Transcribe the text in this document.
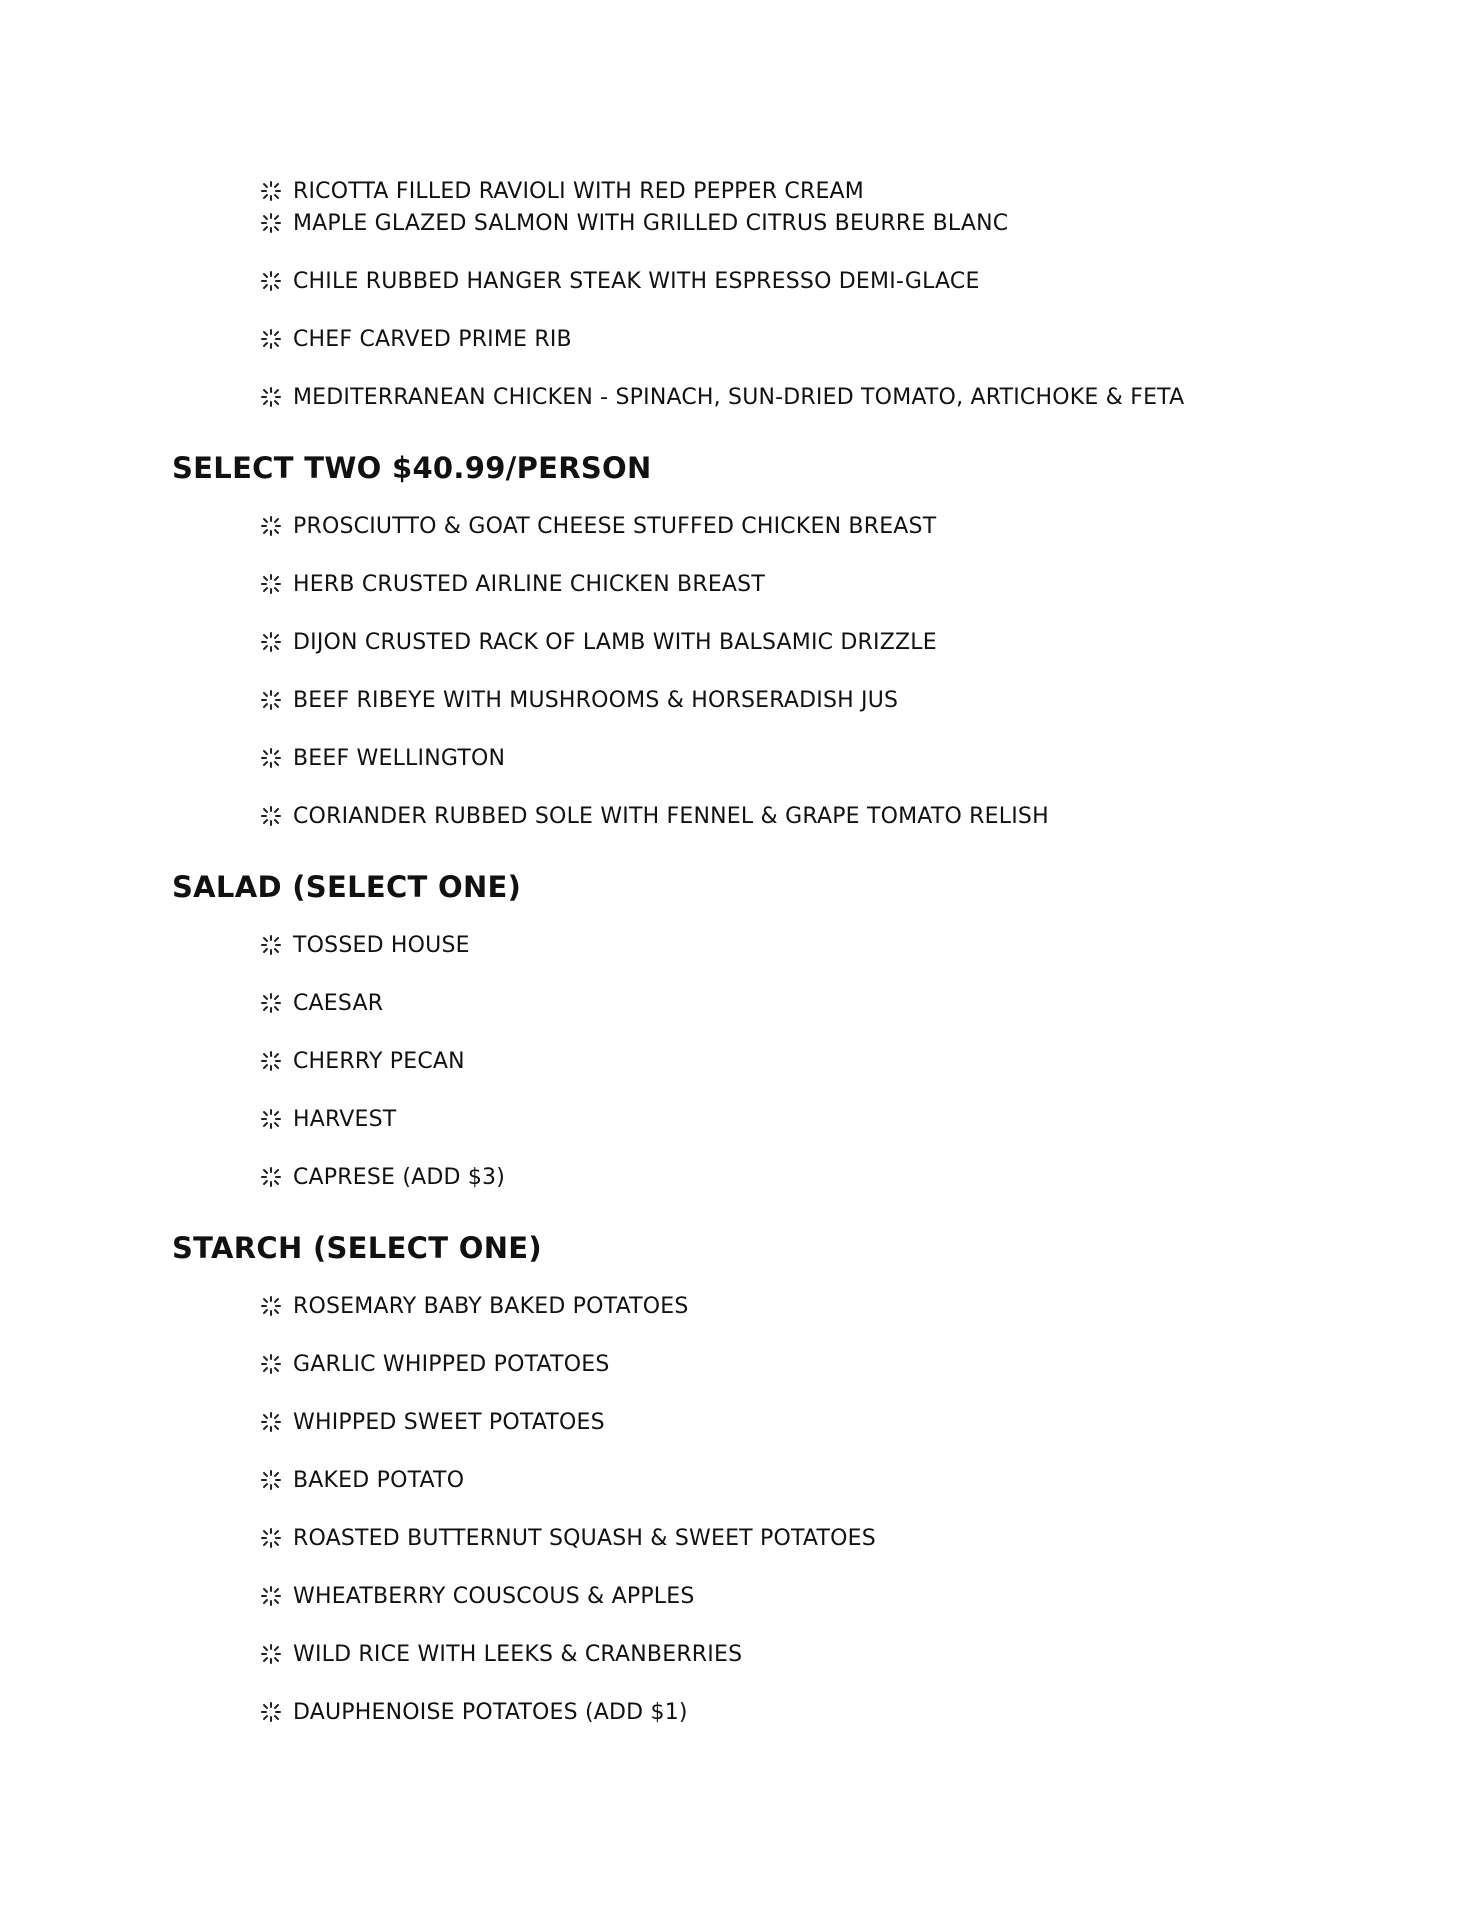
RICOTTA FILLED RAVIOLI WITH RED PEPPER CREAM
MAPLE GLAZED SALMON WITH GRILLED CITRUS BEURRE BLANC
CHILE RUBBED HANGER STEAK WITH ESPRESSO DEMI-GLACE
CHEF CARVED PRIME RIB
MEDITERRANEAN CHICKEN - SPINACH, SUN-DRIED TOMATO, ARTICHOKE & FETA
SELECT TWO $40.99/PERSON
PROSCIUTTO & GOAT CHEESE STUFFED CHICKEN BREAST
HERB CRUSTED AIRLINE CHICKEN BREAST
DIJON CRUSTED RACK OF LAMB WITH BALSAMIC DRIZZLE
BEEF RIBEYE WITH MUSHROOMS & HORSERADISH JUS
BEEF WELLINGTON
CORIANDER RUBBED SOLE WITH FENNEL & GRAPE TOMATO RELISH
SALAD (SELECT ONE)
TOSSED HOUSE
CAESAR
CHERRY PECAN
HARVEST
CAPRESE (ADD $3)
STARCH (SELECT ONE)
ROSEMARY BABY BAKED POTATOES
GARLIC WHIPPED POTATOES
WHIPPED SWEET POTATOES
BAKED POTATO
ROASTED BUTTERNUT SQUASH & SWEET POTATOES
WHEATBERRY COUSCOUS & APPLES
WILD RICE WITH LEEKS & CRANBERRIES
DAUPHENOISE POTATOES (ADD $1)
